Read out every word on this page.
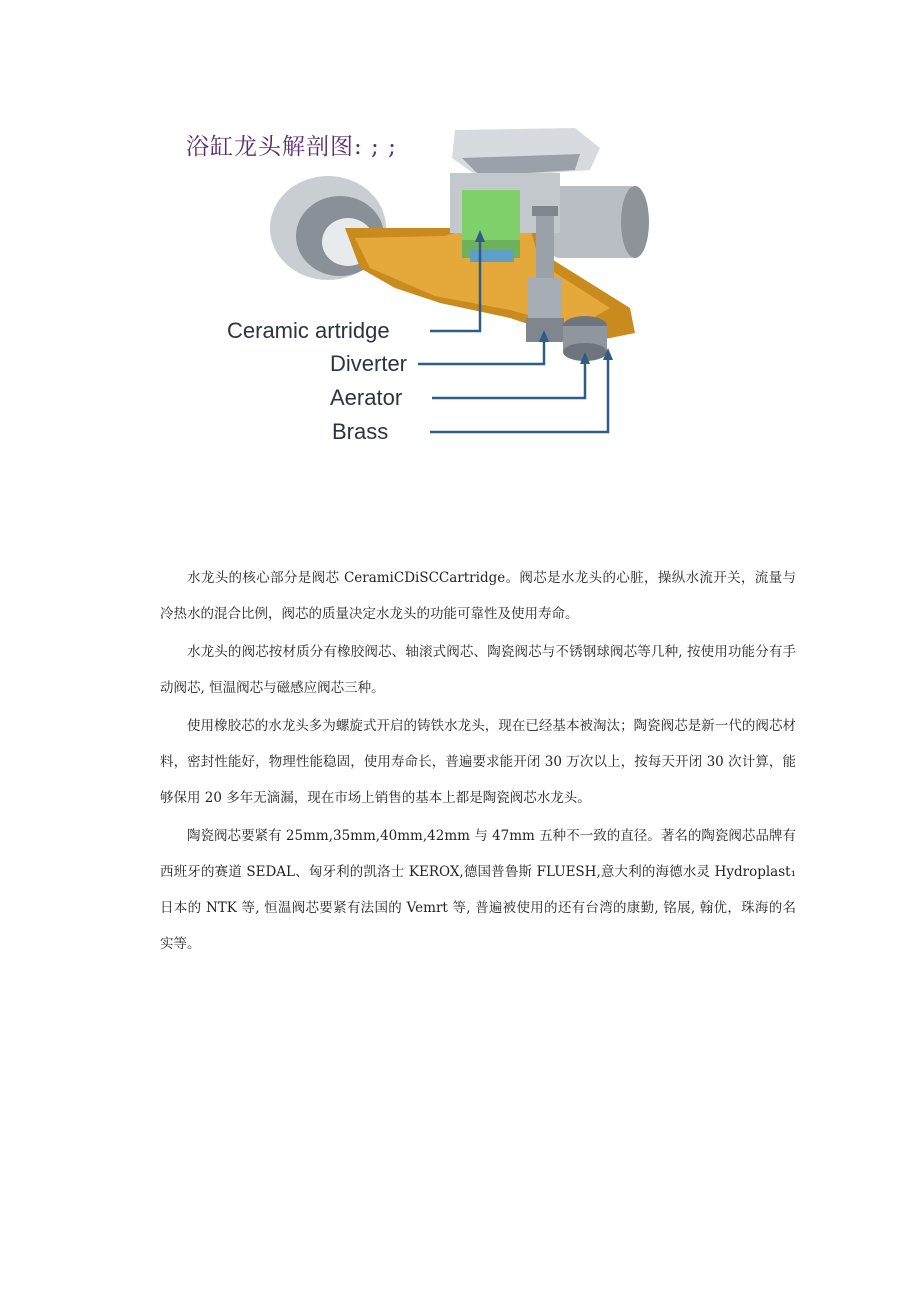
Ceramic artridge
Diverter
Aerator
Brass
浴缸龙头解剖图: ; ;

水龙头的核心部分是阀芯 CeramiCDiSCCartridge。阀芯是水龙头的心脏，操纵水流开关，流量与冷热水的混合比例，阀芯的质量决定水龙头的功能可靠性及使用寿命。

水龙头的阀芯按材质分有橡胶阀芯、轴滚式阀芯、陶瓷阀芯与不锈钢球阀芯等几种, 按使用功能分有手动阀芯, 恒温阀芯与磁感应阀芯三种。

使用橡胶芯的水龙头多为螺旋式开启的铸铁水龙头，现在已经基本被淘汰；陶瓷阀芯是新一代的阀芯材料，密封性能好，物理性能稳固，使用寿命长，普遍要求能开闭 30 万次以上，按每天开闭 30 次计算，能够保用 20 多年无滴漏，现在市场上销售的基本上都是陶瓷阀芯水龙头。

陶瓷阀芯要紧有 25mm,35mm,40mm,42mm 与 47mm 五种不一致的直径。著名的陶瓷阀芯品牌有西班牙的赛道 SEDAL、匈牙利的凯洛士 KEROX,德国普鲁斯 FLUESH,意大利的海德水灵 Hydroplast₁ 日本的 NTK 等, 恒温阀芯要紧有法国的 Vemrt 等, 普遍被使用的还有台湾的康勤, 铭展, 翰优，珠海的名实等。
